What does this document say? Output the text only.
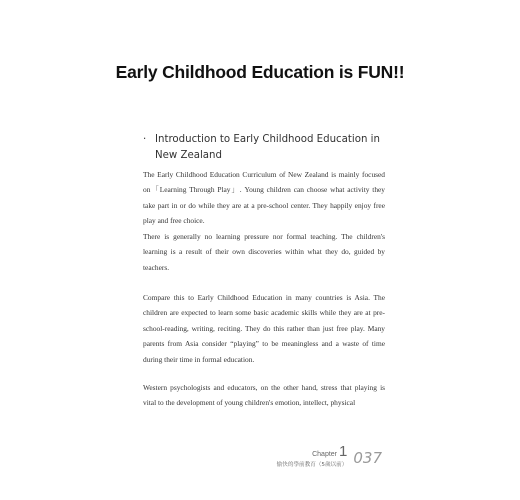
Early Childhood Education is FUN!!
· Introduction to Early Childhood Education in New Zealand

The Early Childhood Education Curriculum of New Zealand is mainly focused on「Learning Through Play」. Young children can choose what activity they take part in or do while they are at a pre-school center. They happily enjoy free play and free choice.

There is generally no learning pressure nor formal teaching. The children's learning is a result of their own discoveries within what they do, guided by teachers.

Compare this to Early Childhood Education in many countries is Asia. The children are expected to learn some basic academic skills while they are at pre-school-reading, writing, reciting. They do this rather than just free play. Many parents from Asia consider “playing” to be meaningless and a waste of time during their time in formal education.

Western psychologists and educators, on the other hand, stress that playing is vital to the development of young children's emotion, intellect, physical

Chapter 1
愉快的學前教育（5歲以前） 037
